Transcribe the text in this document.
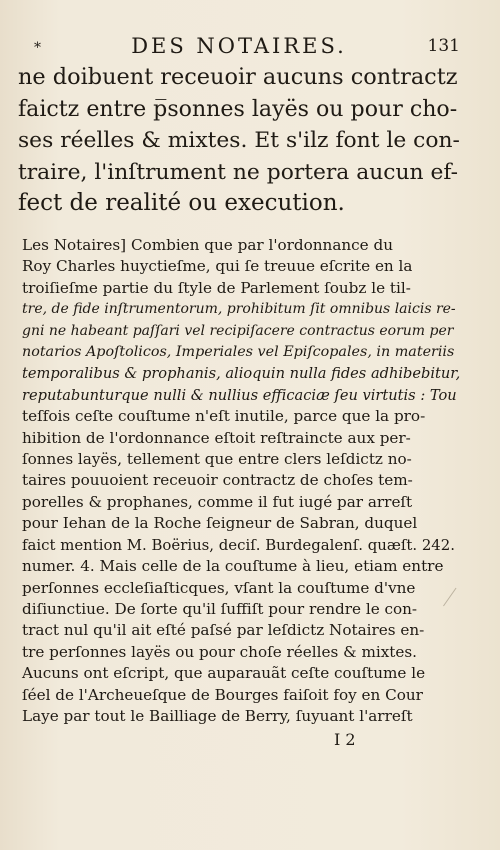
*	DES NOTAIRES.	131
ne doibuent receuoir aucuns contractz
faictz entre p̅sonnes layës ou pour cho-
ses réelles & mixtes. Et s'ilz font le con-
traire, l'inſtrument ne portera aucun ef-
fect de realité ou execution.
Les Notaires] Combien que par l'ordonnance du
Roy Charles huyctieſme, qui ſe treuue eſcrite en la
troiſieſme partie du ſtyle de Parlement ſoubz le til-
tre, de fide inſtrumentorum, prohibitum ſit omnibus laicis re-
gni ne habeant paſſari vel recipiſacere contractus eorum per
notarios Apoſtolicos, Imperiales vel Epiſcopales, in materiis
temporalibus & prophanis, alioquin nulla fides adhibebitur,
reputabunturque nulli & nullius efficaciæ ſeu virtutis : Tou
teſfois ceſte couſtume n'eſt inutile, parce que la pro-
hibition de l'ordonnance eſtoit reſtraincte aux per-
ſonnes layës, tellement que entre clers leſdictz no-
taires pouuoient receuoir contractz de choſes tem-
porelles & prophanes, comme il fut iugé par arreſt
pour Iehan de la Roche ſeigneur de Sabran, duquel
faict mention M. Boërius, deciſ. Burdegalenſ. quæſt. 242.
numer. 4. Mais celle de la couſtume à lieu, etiam entre
perſonnes eccleſiaſticques, vſant la couſtume d'vne
diſiunctiue. De ſorte qu'il ſuffiſt pour rendre le con-
tract nul qu'il ait eſté paſsé par leſdictz Notaires en-
tre perſonnes layës ou pour choſe réelles & mixtes.
Aucuns ont eſcript, que auparauãt ceſte couſtume le
ſéel de l'Archeueſque de Bourges faiſoit foy en Cour
Laye par tout le Bailliage de Berry, ſuyuant l'arreſt
I 2
